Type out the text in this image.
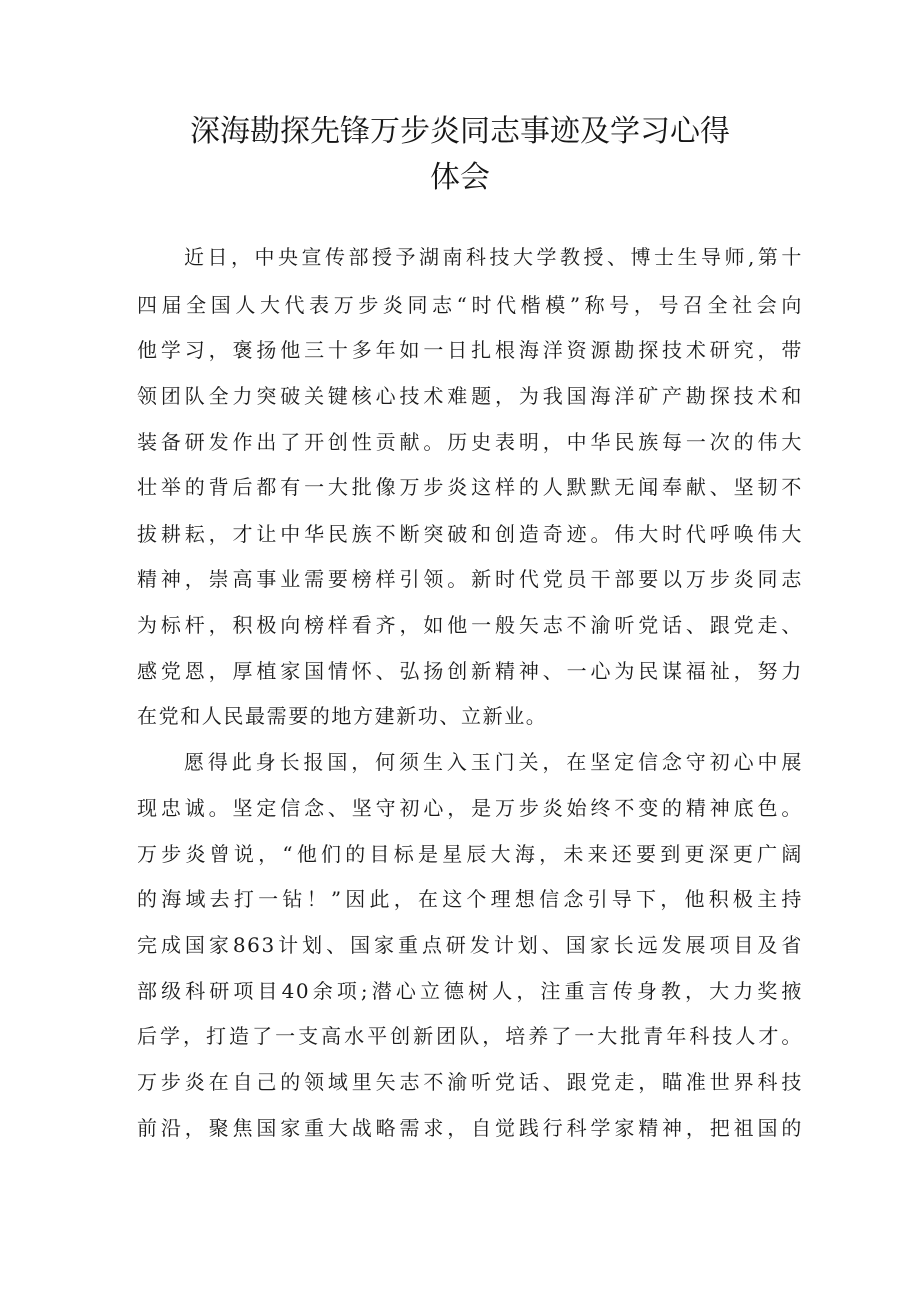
深海勘探先锋万步炎同志事迹及学习心得
体会

近日，中央宣传部授予湖南科技大学教授、博士生导师,第十

四届全国人大代表万步炎同志“时代楷模”称号，号召全社会向

他学习，褒扬他三十多年如一日扎根海洋资源勘探技术研究，带

领团队全力突破关键核心技术难题，为我国海洋矿产勘探技术和

装备研发作出了开创性贡献。历史表明，中华民族每一次的伟大

壮举的背后都有一大批像万步炎这样的人默默无闻奉献、坚韧不

拔耕耘，才让中华民族不断突破和创造奇迹。伟大时代呼唤伟大

精神，崇高事业需要榜样引领。新时代党员干部要以万步炎同志

为标杆，积极向榜样看齐，如他一般矢志不渝听党话、跟党走、

感党恩，厚植家国情怀、弘扬创新精神、一心为民谋福祉，努力

在党和人民最需要的地方建新功、立新业。

愿得此身长报国，何须生入玉门关，在坚定信念守初心中展

现忠诚。坚定信念、坚守初心，是万步炎始终不变的精神底色。

万步炎曾说，“他们的目标是星辰大海，未来还要到更深更广阔

的海域去打一钻！”因此，在这个理想信念引导下，他积极主持

完成国家863计划、国家重点研发计划、国家长远发展项目及省

部级科研项目40余项;潜心立德树人，注重言传身教，大力奖掖

后学，打造了一支高水平创新团队，培养了一大批青年科技人才。

万步炎在自己的领域里矢志不渝听党话、跟党走，瞄准世界科技

前沿，聚焦国家重大战略需求，自觉践行科学家精神，把祖国的
